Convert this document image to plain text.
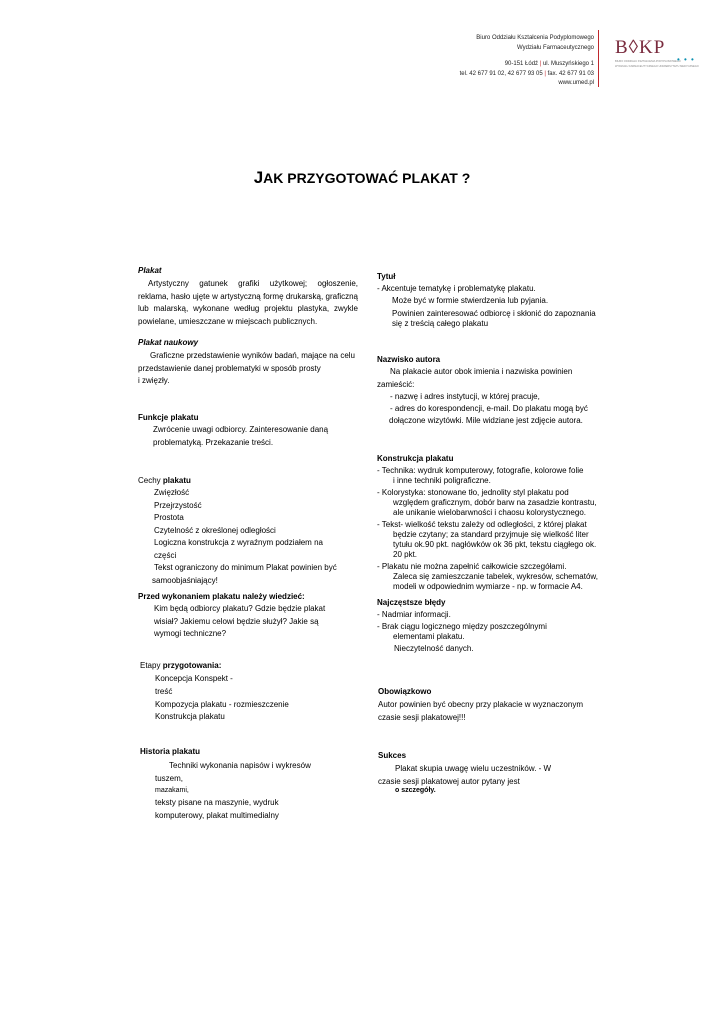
Biuro Oddziału Kształcenia Podyplomowego
Wydziału Farmaceutycznego
90-151 Łódź | ul. Muszyńskiego 1
tel. 42 677 91 02, 42 677 93 05 | fax. 42 677 91 03
www.umed.pl
B◊KP
• • •
BIURO ODDZIAŁU KSZTAŁCENIA PODYPLOMOWEGO
WYDZIAŁU FARMACEUTYCZNEGO UNIWERSYTETU MEDYCZNEGO
JAK PRZYGOTOWAĆ PLAKAT ?
Plakat
Artystyczny gatunek grafiki użytkowej; ogłoszenie, reklama, hasło ujęte w artystyczną formę drukarską, graficzną lub malarską, wykonane według projektu plastyka, zwykle powielane, umieszczane w miejscach publicznych.
Plakat naukowy
Graficzne przedstawienie wyników badań, mające na celu
przedstawienie danej problematyki w sposób prosty
i zwięzły.
Funkcje plakatu
Zwrócenie uwagi odbiorcy. Zainteresowanie daną
problematyką. Przekazanie treści.
Cechy plakatu
Zwięzłość
Przejrzystość
Prostota
Czytelność z określonej odległości
Logiczna konstrukcja z wyraźnym podziałem na
części
Tekst ograniczony do minimum Plakat powinien być
samoobjaśniający!
Przed wykonaniem plakatu należy wiedzieć:
Kim będą odbiorcy plakatu? Gdzie będzie plakat
wisiał? Jakiemu celowi będzie służył? Jakie są
wymogi techniczne?
Etapy przygotowania:
Koncepcja Konspekt -
treść
Kompozycja plakatu - rozmieszczenie
Konstrukcja plakatu
Historia plakatu
Techniki wykonania napisów i wykresów
tuszem,
mazakami,
teksty pisane na maszynie, wydruk
komputerowy, plakat multimedialny
Tytuł
- Akcentuje tematykę i problematykę plakatu.
Może być w formie stwierdzenia lub pyjania.
Powinien zainteresować odbiorcę i skłonić do zapoznania
się z treścią całego plakatu
Nazwisko autora
Na plakacie autor obok imienia i nazwiska powinien
zamieścić:
- nazwę i adres instytucji, w której pracuje,
- adres do korespondencji, e-mail. Do plakatu mogą być
dołączone wizytówki. Mile widziane jest zdjęcie autora.
Konstrukcja plakatu
- Technika: wydruk komputerowy, fotografie, kolorowe folie
i inne techniki poligraficzne.
- Kolorystyka: stonowane tło, jednolity styl plakatu pod
względem graficznym, dobór barw na zasadzie kontrastu,
ale unikanie wielobarwności i chaosu kolorystycznego.
- Tekst- wielkość tekstu zależy od odległości, z której plakat
będzie czytany; za standard przyjmuje się wielkość liter
tytułu ok.90 pkt. nagłówków ok 36 pkt, tekstu ciągłego ok.
20 pkt.
- Plakatu nie można zapełnić całkowicie szczegółami.
Zaleca się zamieszczanie tabelek, wykresów, schematów,
modeli w odpowiednim wymiarze - np. w formacie A4.
Najczęstsze błędy
- Nadmiar informacji.
- Brak ciągu logicznego między poszczególnymi
elementami plakatu.
Nieczytelność danych.
Obowiązkowo
Autor powinien być obecny przy plakacie w wyznaczonym
czasie sesji plakatowej!!!
Sukces
Plakat skupia uwagę wielu uczestników. - W
czasie sesji plakatowej autor pytany jest
o szczegóły.
